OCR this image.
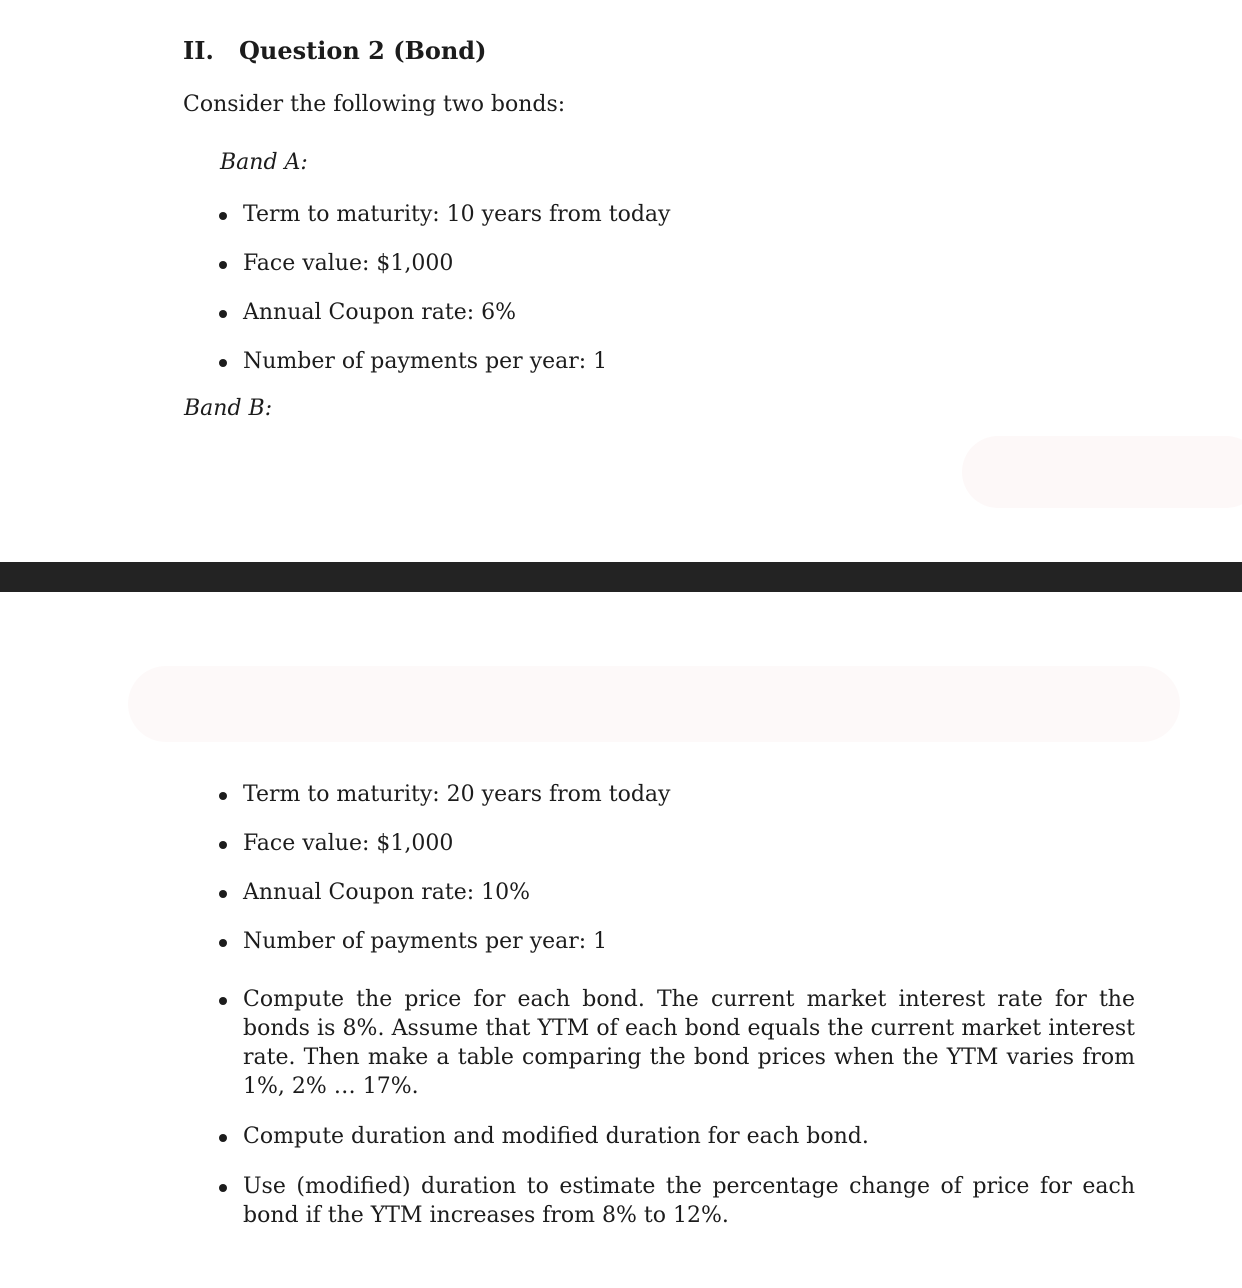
II. Question 2 (Bond)
Consider the following two bonds:
Band A:
Term to maturity: 10 years from today
Face value: $1,000
Annual Coupon rate: 6%
Number of payments per year: 1
Band B:
Term to maturity: 20 years from today
Face value: $1,000
Annual Coupon rate: 10%
Number of payments per year: 1
Compute the price for each bond. The current market interest rate for the bonds is 8%. Assume that YTM of each bond equals the current market interest rate. Then make a table comparing the bond prices when the YTM varies from 1%, 2% … 17%.
Compute duration and modified duration for each bond.
Use (modified) duration to estimate the percentage change of price for each bond if the YTM increases from 8% to 12%.
